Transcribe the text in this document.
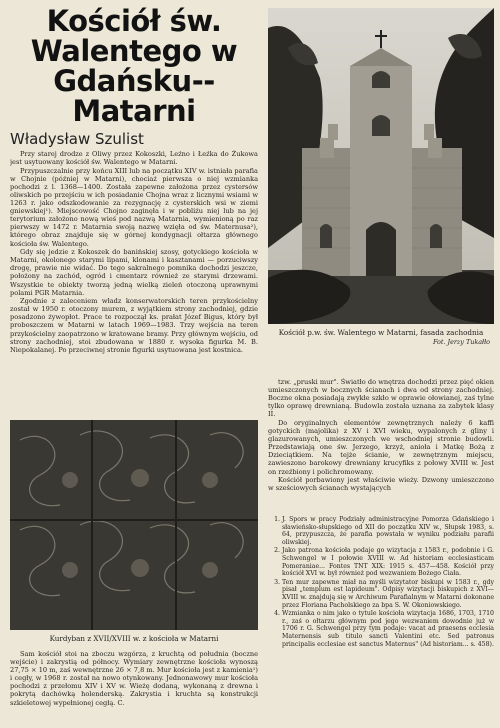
Kościół św. Walentego w Gdańsku--Matarni
Władysław Szulist

Przy starej drodze z Oliwy przez Kokoszki, Leźno i Łeźka do Żukowa jest usytuowany kościół św. Walentego w Matarni.

Przypuszczalnie przy końcu XIII lub na początku XIV w. istniała parafia w Chojnie (później w Matarni), chociaż pierwsza o niej wzmianka pochodzi z l. 1368—1400. Została zapewne założona przez cystersów oliwskich po przejściu w ich posiadanie Chojna wraz z licznymi wsiami w 1263 r. jako odszkodowanie za rezygnację z cysterskich wsi w ziemi gniewskiej¹). Miejscowość Chojno zaginęła i w pobliżu niej lub na jej terytorium założono nową wieś pod nazwą Matarnia, wymienioną po raz pierwszy w 1472 r. Matarnia swoją nazwę wzięła od św. Maternusa²), którego obraz znajduje się w górnej kondygnacji ołtarza głównego kościoła św. Walentego.

Gdy się jedzie z Kokoszek do banińskiej szosy, gotyckiego kościoła w Matarni, okolonego starymi lipami, klonami i kasztanami — porzuciwszy drogę, prawie nie widać. Do tego sakralnego pomnika dochodzi jeszcze, położony na zachód, ogród i cmentarz również ze starymi drzewami. Wszystkie te obiekty tworzą jedną wielką zieleń otoczoną uprawnymi polami PGR Matarnia.

Zgodnie z zaleceniem władz konserwatorskich teren przykościelny został w 1950 r. otoczony murem, z wyjątkiem strony zachodniej, gdzie posadzono żywopłot. Prace te rozpoczął ks. prałat Józef Bigus, który był proboszczem w Matarni w latach 1969—1983. Trzy wejścia na teren przykościelny zaopatrzono w kratowane bramy. Przy głównym wejściu, od strony zachodniej, stoi zbudowana w 1880 r. wysoka figurka M. B. Niepokalanej. Po przeciwnej stronie figurki usytuowana jest kostnica.

Kościół p.w. św. Walentego w Matarni, fasada zachodnia
Fot. Jerzy Tukałło

tzw. „pruski mur". Światło do wnętrza dochodzi przez pięć okien umieszczonych w bocznych ścianach i dwa od strony zachodniej. Boczne okna posiadają zwykłe szkło w oprawie ołowianej, zaś tylne tylko oprawę drewnianą. Budowla została uznana za zabytek klasy II.

Do oryginalnych elementów zewnętrznych należy 6 kaffi gotyckich (majolika) z XV i XVI wieku, wypalonych z gliny i glazurowanych, umieszczonych we wschodniej stronie budowli. Przedstawiają one św. Jerzego, krzyż, anioła i Matkę Bożą z Dzieciątkiem. Na tejże ścianie, w zewnętrznym miejscu, zawieszono barokowy drewniany krucyfiks z połowy XVIII w. Jest on rzeźbiony i polichromowany.

Kościół porbawiony jest właściwie wieży. Dzwony umieszczono w sześciowych ścianach wystających

Kurdyban z XVII/XVIII w. z kościoła w Matarni

Sam kościół stoi na zboczu wzgórza, z kruchtą od południa (boczne wejście) i zakrystią od północy. Wymiary zewnętrzne kościoła wynoszą 27,75 × 10 m, zaś wewnętrzne 26 × 7,8 m. Mur kościoła jest z kamienia¹) i cegły, w 1968 r. został na nowo otynkowany. Jednonawowy mur kościoła pochodzi z przełomu XIV i XV w. Wieżę dodaną, wykonaną z drewna i pokrytą dachówką holenderską. Zakrystia i kruchta są konstrukcji szkieletowej wypełnionej cegłą. C.

1. J. Spors w pracy Podziały administracyjne Pomorza Gdańskiego i sławieńsko-słupskiego od XII do początku XIV w., Słupsk 1983, s. 64, przypuszcza, że parafia powstała w wyniku podziału parafii oliwskiej.
2. Jako patrona kościoła podaje go wizytacja z 1583 r., podobnie i G. Schwengel w I połowie XVIII w. Ad historiam ecclesiasticam Pomeraniae... Fontes TNT XIX: 1915 s. 457—458. Kościół przy kościół XVI w. był również pod wezwaniem Bożego Ciała.
3. Ten mur zapewne miał na myśli wizytator biskupi w 1583 r., gdy pisał „templum est lapideum". Odpisy wizytacji biskupich z XVI—XVIII w. znajdują się w Archiwum Parafialnym w Matarni dokonane przez Floriana Pacholskiego za bpa S. W. Okoniowskiego.
4. Wzmianka o nim jako o tytule kościoła wizytacja 1686, 1703, 1710 r., zaś o ołtarzu głównym pod jego wezwaniem dowodnie już w 1706 r. G. Schwengel przy tym podaje: vacat ad praesens ecclesia Maternensis sub titulo sancti Valentini etc. Sed patronus principalis ecclesiae est sanctus Maternus" (Ad historiam... s. 458).
